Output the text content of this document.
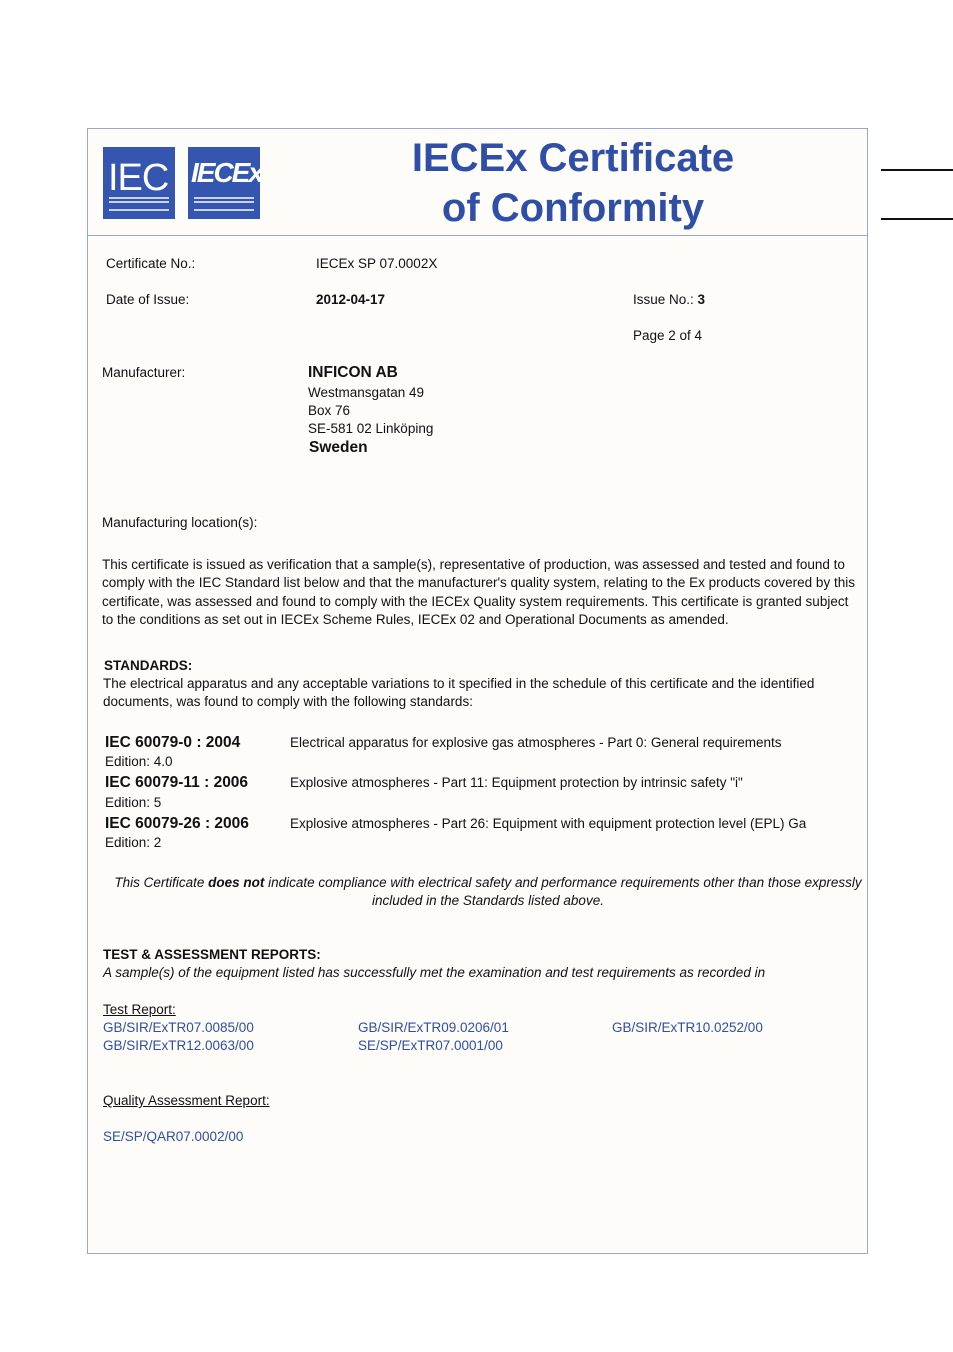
IEC IECEx	IECEx Certificate
of Conformity
Certificate No.:	IECEx SP 07.0002X
Date of Issue:	2012-04-17	Issue No.: 3
Page 2 of 4
Manufacturer:	INFICON AB
Westmansgatan 49
Box 76
SE-581 02 Linköping
Sweden
Manufacturing location(s):
This certificate is issued as verification that a sample(s), representative of production, was assessed and tested and found to comply with the IEC Standard list below and that the manufacturer's quality system, relating to the Ex products covered by this certificate, was assessed and found to comply with the IECEx Quality system requirements. This certificate is granted subject to the conditions as set out in IECEx Scheme Rules, IECEx 02 and Operational Documents as amended.
STANDARDS:
The electrical apparatus and any acceptable variations to it specified in the schedule of this certificate and the identified documents, was found to comply with the following standards:
IEC 60079-0 : 2004
Edition: 4.0
Electrical apparatus for explosive gas atmospheres - Part 0: General requirements
IEC 60079-11 : 2006
Edition: 5
Explosive atmospheres - Part 11: Equipment protection by intrinsic safety "i"
IEC 60079-26 : 2006
Edition: 2
Explosive atmospheres - Part 26: Equipment with equipment protection level (EPL) Ga
This Certificate does not indicate compliance with electrical safety and performance requirements other than those expressly included in the Standards listed above.
TEST & ASSESSMENT REPORTS:
A sample(s) of the equipment listed has successfully met the examination and test requirements as recorded in
Test Report:
GB/SIR/ExTR07.0085/00	GB/SIR/ExTR09.0206/01	GB/SIR/ExTR10.0252/00
GB/SIR/ExTR12.0063/00	SE/SP/ExTR07.0001/00
Quality Assessment Report:
SE/SP/QAR07.0002/00
